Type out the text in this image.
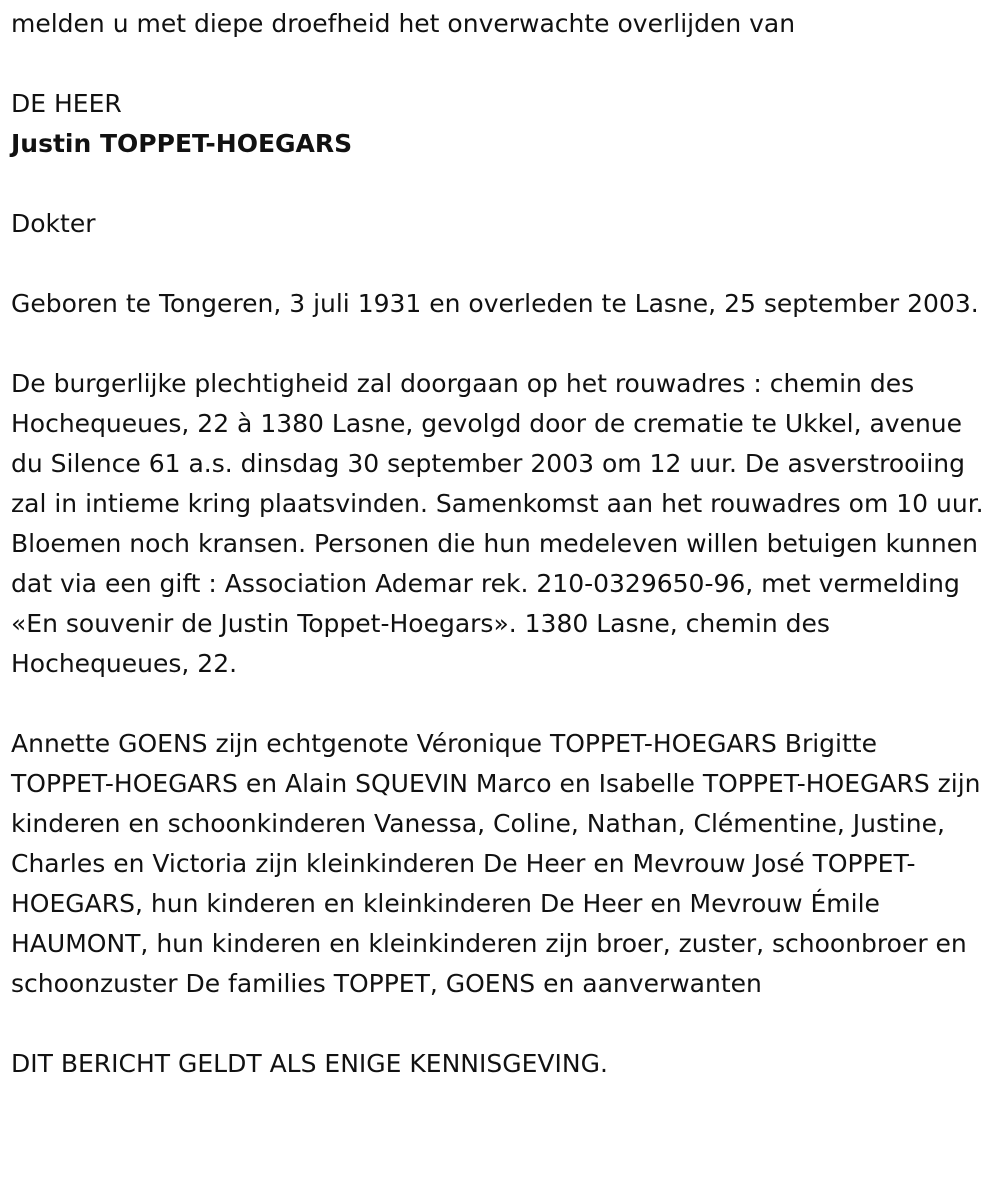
melden u met diepe droefheid het onverwachte overlijden van

DE HEER

Justin TOPPET-HOEGARS

Dokter

Geboren te Tongeren, 3 juli 1931 en overleden te Lasne, 25 september 2003.

De burgerlijke plechtigheid zal doorgaan op het rouwadres : chemin des Hochequeues, 22 à 1380 Lasne, gevolgd door de crematie te Ukkel, avenue du Silence 61 a.s. dinsdag 30 september 2003 om 12 uur. De asverstrooiing zal in intieme kring plaatsvinden. Samenkomst aan het rouwadres om 10 uur. Bloemen noch kransen. Personen die hun medeleven willen betuigen kunnen dat via een gift : Association Ademar rek. 210-0329650-96, met vermelding «En souvenir de Justin Toppet-Hoegars». 1380 Lasne, chemin des Hochequeues, 22.

Annette GOENS zijn echtgenote Véronique TOPPET-HOEGARS Brigitte TOPPET-HOEGARS en Alain SQUEVIN Marco en Isabelle TOPPET-HOEGARS zijn kinderen en schoonkinderen Vanessa, Coline, Nathan, Clémentine, Justine, Charles en Victoria zijn kleinkinderen De Heer en Mevrouw José TOPPET-HOEGARS, hun kinderen en kleinkinderen De Heer en Mevrouw Émile HAUMONT, hun kinderen en kleinkinderen zijn broer, zuster, schoonbroer en schoonzuster De families TOPPET, GOENS en aanverwanten

DIT BERICHT GELDT ALS ENIGE KENNISGEVING.
